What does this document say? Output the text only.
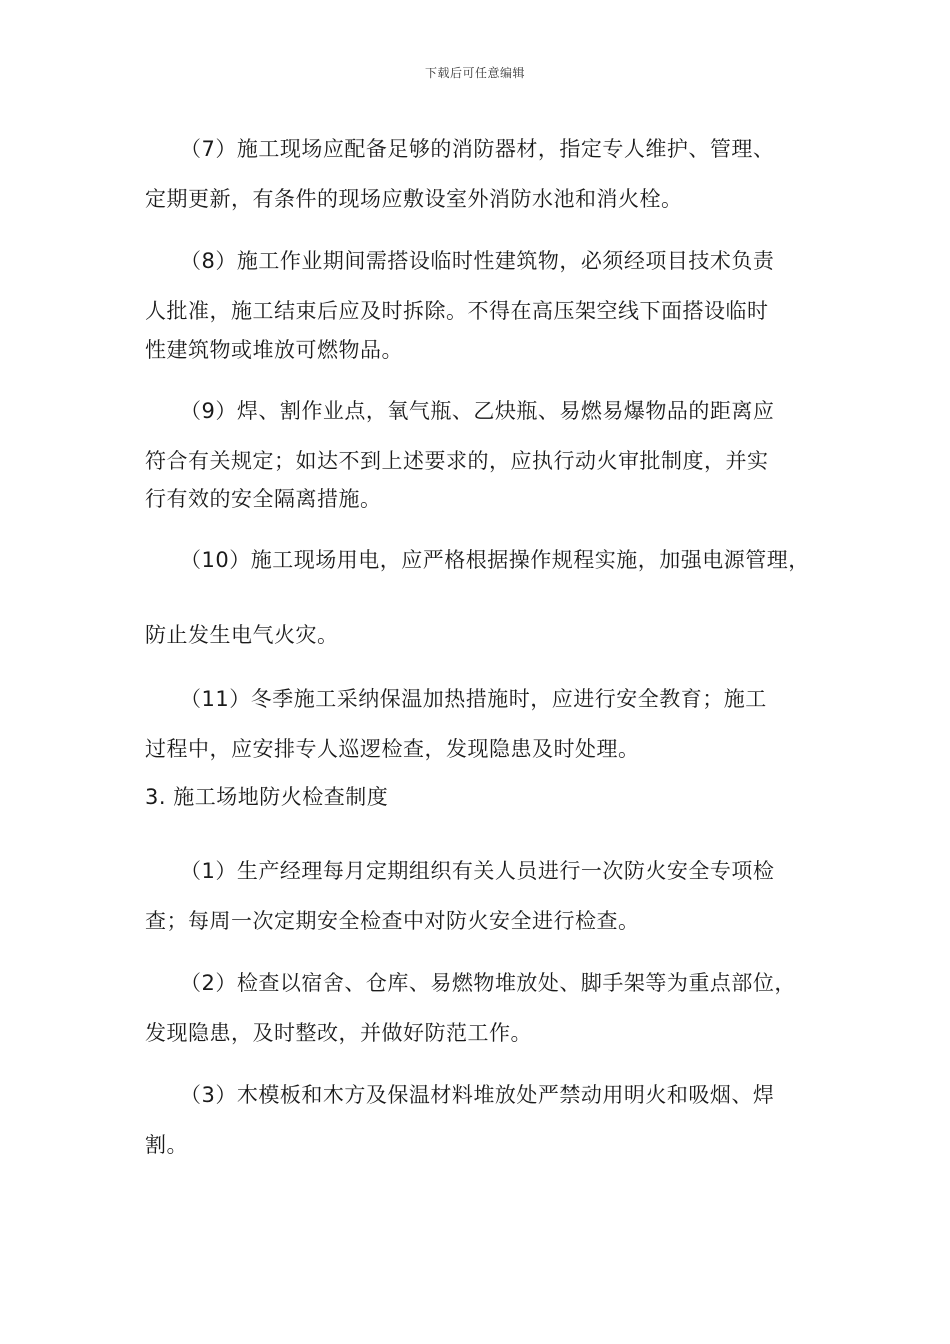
下载后可任意编辑
（7）施工现场应配备足够的消防器材，指定专人维护、管理、
定期更新，有条件的现场应敷设室外消防水池和消火栓。
（8）施工作业期间需搭设临时性建筑物，必须经项目技术负责
人批准，施工结束后应及时拆除。不得在高压架空线下面搭设临时
性建筑物或堆放可燃物品。
（9）焊、割作业点，氧气瓶、乙炔瓶、易燃易爆物品的距离应
符合有关规定；如达不到上述要求的，应执行动火审批制度，并实
行有效的安全隔离措施。
（10）施工现场用电，应严格根据操作规程实施，加强电源管理，
防止发生电气火灾。
（11）冬季施工采纳保温加热措施时，应进行安全教育；施工
过程中，应安排专人巡逻检查，发现隐患及时处理。
3. 施工场地防火检查制度
（1）生产经理每月定期组织有关人员进行一次防火安全专项检
查；每周一次定期安全检查中对防火安全进行检查。
（2）检查以宿舍、仓库、易燃物堆放处、脚手架等为重点部位，
发现隐患，及时整改，并做好防范工作。
（3）木模板和木方及保温材料堆放处严禁动用明火和吸烟、焊
割。
